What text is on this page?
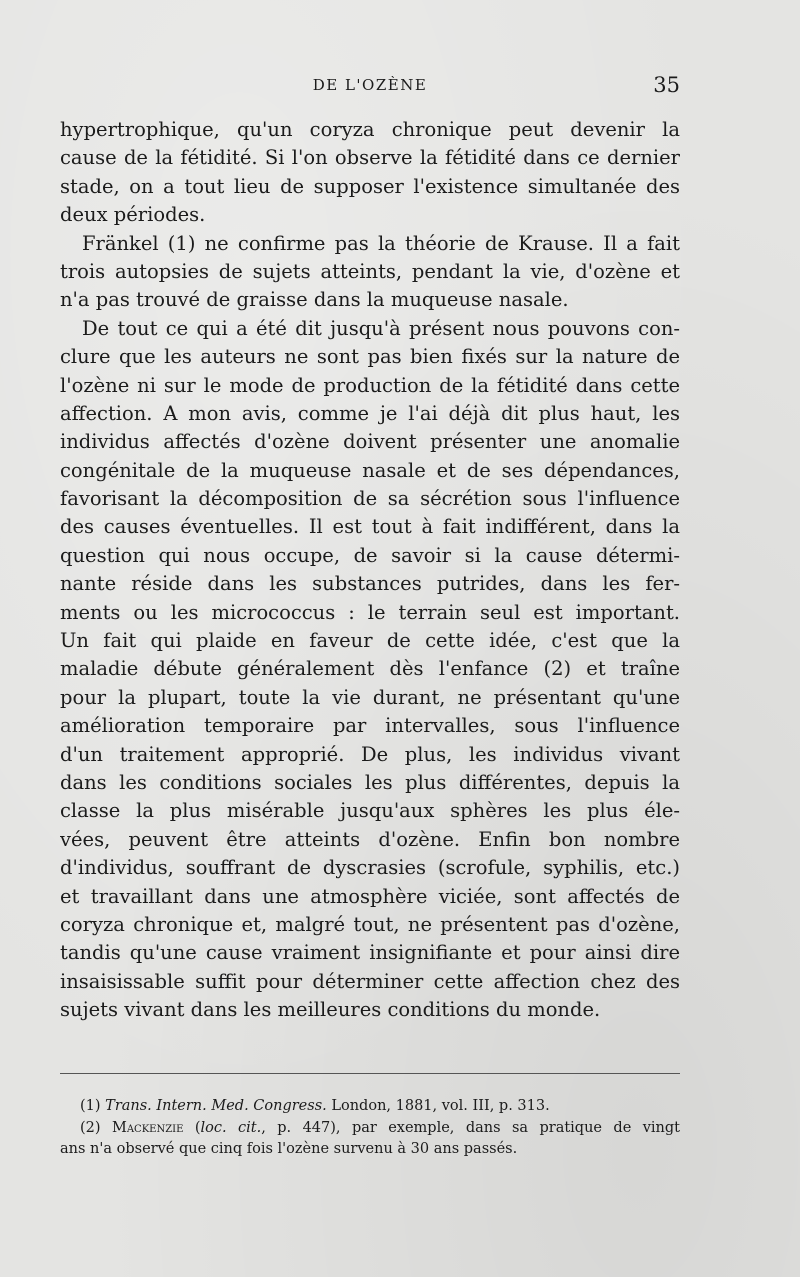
DE L'OZÈNE	35
hypertrophique, qu'un coryza chronique peut devenir la
cause de la fétidité. Si l'on observe la fétidité dans ce dernier
stade, on a tout lieu de supposer l'existence simultanée des
deux périodes.
Fränkel (1) ne confirme pas la théorie de Krause. Il a fait
trois autopsies de sujets atteints, pendant la vie, d'ozène et
n'a pas trouvé de graisse dans la muqueuse nasale.
De tout ce qui a été dit jusqu'à présent nous pouvons con-
clure que les auteurs ne sont pas bien fixés sur la nature de
l'ozène ni sur le mode de production de la fétidité dans cette
affection. A mon avis, comme je l'ai déjà dit plus haut, les
individus affectés d'ozène doivent présenter une anomalie
congénitale de la muqueuse nasale et de ses dépendances,
favorisant la décomposition de sa sécrétion sous l'influence
des causes éventuelles. Il est tout à fait indifférent, dans la
question qui nous occupe, de savoir si la cause détermi-
nante réside dans les substances putrides, dans les fer-
ments ou les micrococcus : le terrain seul est important.
Un fait qui plaide en faveur de cette idée, c'est que la
maladie débute généralement dès l'enfance (2) et traîne
pour la plupart, toute la vie durant, ne présentant qu'une
amélioration temporaire par intervalles, sous l'influence
d'un traitement approprié. De plus, les individus vivant
dans les conditions sociales les plus différentes, depuis la
classe la plus misérable jusqu'aux sphères les plus éle-
vées, peuvent être atteints d'ozène. Enfin bon nombre
d'individus, souffrant de dyscrasies (scrofule, syphilis, etc.)
et travaillant dans une atmosphère viciée, sont affectés de
coryza chronique et, malgré tout, ne présentent pas d'ozène,
tandis qu'une cause vraiment insignifiante et pour ainsi dire
insaisissable suffit pour déterminer cette affection chez des
sujets vivant dans les meilleures conditions du monde.
(1) Trans. Intern. Med. Congress. London, 1881, vol. III, p. 313.
(2) Mackenzie (loc. cit., p. 447), par exemple, dans sa pratique de vingt
ans n'a observé que cinq fois l'ozène survenu à 30 ans passés.
